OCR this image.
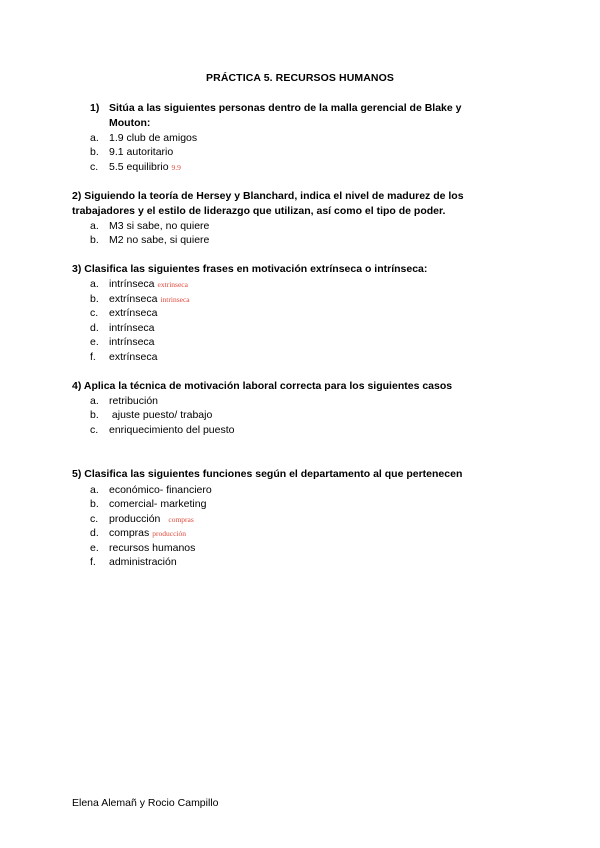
PRÁCTICA 5. RECURSOS HUMANOS
1) Sitúa a las siguientes personas dentro de la malla gerencial de Blake y
Mouton:
a. 1.9 club de amigos
b. 9.1 autoritario
c. 5.5 equilibrio 9.9
2) Siguiendo la teoría de Hersey y Blanchard, indica el nivel de madurez de los
trabajadores y el estilo de liderazgo que utilizan, así como el tipo de poder.
a. M3 si sabe, no quiere
b. M2 no sabe, si quiere
3) Clasifica las siguientes frases en motivación extrínseca o intrínseca:
a. intrínseca extrinseca
b. extrínseca intrinseca
c. extrínseca
d. intrínseca
e. intrínseca
f. extrínseca
4) Aplica la técnica de motivación laboral correcta para los siguientes casos
a. retribución
b. ajuste puesto/ trabajo
c. enriquecimiento del puesto
5) Clasifica las siguientes funciones según el departamento al que pertenecen
a. económico- financiero
b. comercial- marketing
c. producción compras
d. compras producción
e. recursos humanos
f. administración
Elena Alemañ y Rocio Campillo
